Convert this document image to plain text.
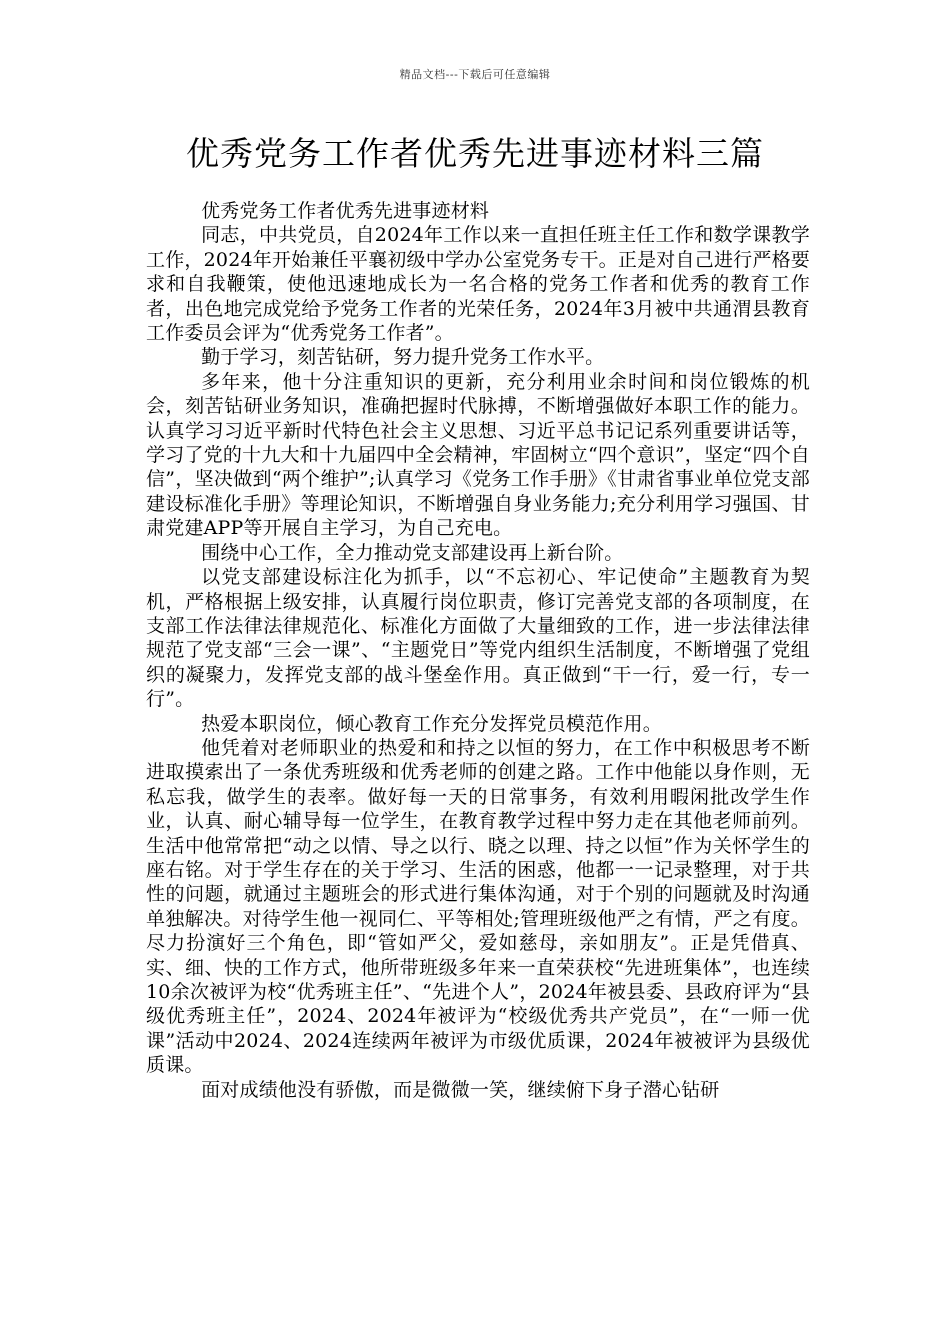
精品文档---下载后可任意编辑
优秀党务工作者优秀先进事迹材料三篇

优秀党务工作者优秀先进事迹材料

同志，中共党员，自2024年工作以来一直担任班主任工作和数学课教学工作，2024年开始兼任平襄初级中学办公室党务专干。正是对自己进行严格要求和自我鞭策，使他迅速地成长为一名合格的党务工作者和优秀的教育工作者，出色地完成党给予党务工作者的光荣任务，2024年3月被中共通渭县教育工作委员会评为“优秀党务工作者”。

勤于学习，刻苦钻研，努力提升党务工作水平。

多年来，他十分注重知识的更新，充分利用业余时间和岗位锻炼的机会，刻苦钻研业务知识，准确把握时代脉搏，不断增强做好本职工作的能力。认真学习习近平新时代特色社会主义思想、习近平总书记记系列重要讲话等，学习了党的十九大和十九届四中全会精神，牢固树立“四个意识”，坚定“四个自信”，坚决做到“两个维护”;认真学习《党务工作手册》《甘肃省事业单位党支部建设标准化手册》等理论知识，不断增强自身业务能力;充分利用学习强国、甘肃党建APP等开展自主学习，为自己充电。

围绕中心工作，全力推动党支部建设再上新台阶。

以党支部建设标注化为抓手，以“不忘初心、牢记使命”主题教育为契机，严格根据上级安排，认真履行岗位职责，修订完善党支部的各项制度，在支部工作法律法律规范化、标准化方面做了大量细致的工作，进一步法律法律规范了党支部“三会一课”、“主题党日”等党内组织生活制度，不断增强了党组织的凝聚力，发挥党支部的战斗堡垒作用。真正做到“干一行，爱一行，专一行”。

热爱本职岗位，倾心教育工作充分发挥党员模范作用。

他凭着对老师职业的热爱和和持之以恒的努力，在工作中积极思考不断进取摸索出了一条优秀班级和优秀老师的创建之路。工作中他能以身作则，无私忘我，做学生的表率。做好每一天的日常事务，有效利用暇闲批改学生作业，认真、耐心辅导每一位学生，在教育教学过程中努力走在其他老师前列。生活中他常常把“动之以情、导之以行、晓之以理、持之以恒”作为关怀学生的座右铭。对于学生存在的关于学习、生活的困惑，他都一一记录整理，对于共性的问题，就通过主题班会的形式进行集体沟通，对于个别的问题就及时沟通单独解决。对待学生他一视同仁、平等相处;管理班级他严之有情，严之有度。尽力扮演好三个角色，即“管如严父，爱如慈母，亲如朋友”。正是凭借真、实、细、快的工作方式，他所带班级多年来一直荣获校“先进班集体”，也连续10余次被评为校“优秀班主任”、“先进个人”，2024年被县委、县政府评为“县级优秀班主任”，2024、2024年被评为“校级优秀共产党员”，在“一师一优课”活动中2024、2024连续两年被评为市级优质课，2024年被被评为县级优质课。

面对成绩他没有骄傲，而是微微一笑，继续俯下身子潜心钻研
